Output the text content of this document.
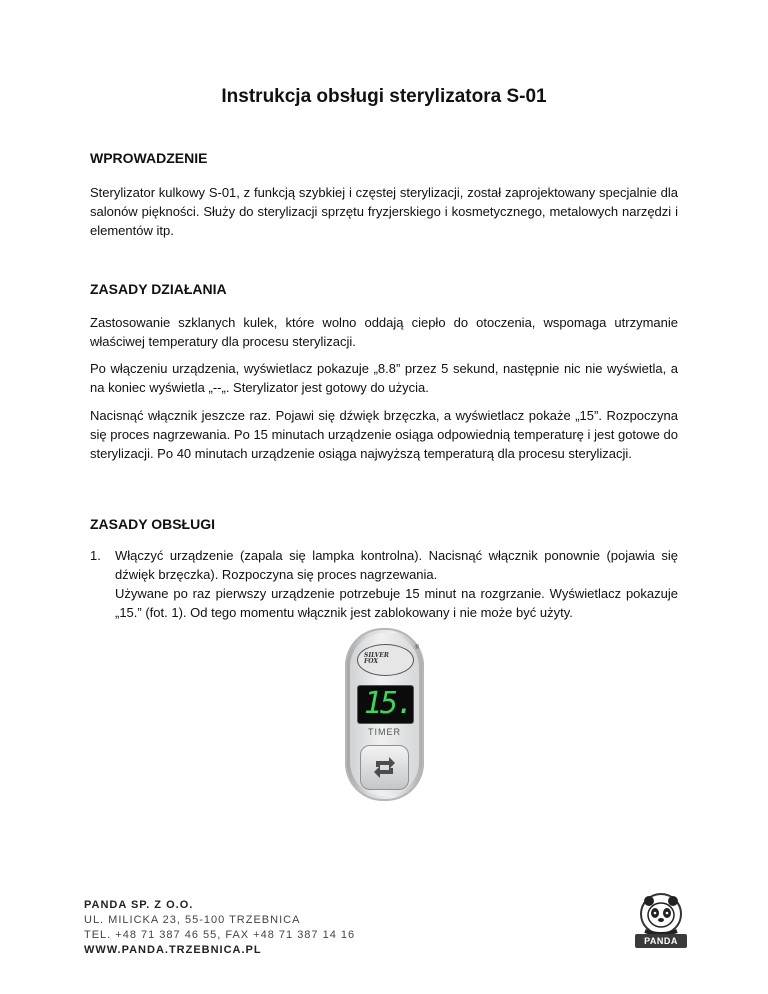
Instrukcja obsługi sterylizatora S-01
WPROWADZENIE

Sterylizator kulkowy S-01, z funkcją szybkiej i częstej sterylizacji, został zaprojektowany specjalnie dla salonów piękności. Służy do sterylizacji sprzętu fryzjerskiego i kosmetycznego, metalowych narzędzi i elementów itp.

ZASADY DZIAŁANIA

Zastosowanie szklanych kulek, które wolno oddają ciepło do otoczenia, wspomaga utrzymanie właściwej temperatury dla procesu sterylizacji.

Po włączeniu urządzenia, wyświetlacz pokazuje „8.8” przez 5 sekund, następnie nic nie wyświetla, a na koniec wyświetla „--„. Sterylizator jest gotowy do użycia.

Nacisnąć włącznik jeszcze raz. Pojawi się dźwięk brzęczka, a wyświetlacz pokaże „15”. Rozpoczyna się proces nagrzewania. Po 15 minutach urządzenie osiąga odpowiednią temperaturę i jest gotowe do sterylizacji. Po 40 minutach urządzenie osiąga najwyższą temperaturą dla procesu sterylizacji.

ZASADY OBSŁUGI
1. Włączyć urządzenie (zapala się lampka kontrolna). Nacisnąć włącznik ponownie (pojawia się dźwięk brzęczka). Rozpoczyna się proces nagrzewania.
Używane po raz pierwszy urządzenie potrzebuje 15 minut na rozgrzanie. Wyświetlacz pokazuje „15.” (fot. 1). Od tego momentu włącznik jest zablokowany i nie może być użyty.
SILVER
FOX
®
15.
TIMER
PANDA SP. Z O.O.
UL. MILICKA 23, 55-100 TRZEBNICA
TEL. +48 71 387 46 55, FAX +48 71 387 14 16
WWW.PANDA.TRZEBNICA.PL
PANDA
